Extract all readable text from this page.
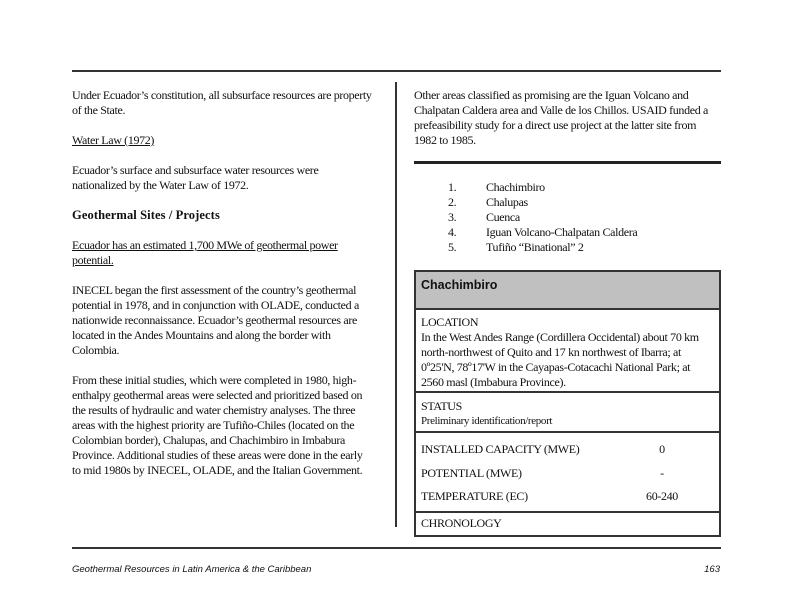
Under Ecuador’s constitution, all subsurface resources are property of the State.

Water Law (1972)

Ecuador’s surface and subsurface water resources were nationalized by the Water Law of 1972.

Geothermal Sites / Projects

Ecuador has an estimated 1,700 MWe of geothermal power potential.

INECEL began the first assessment of the country’s geothermal potential in 1978, and in conjunction with OLADE, conducted a nationwide reconnaissance. Ecuador’s geothermal resources are located in the Andes Mountains and along the border with Colombia.

From these initial studies, which were completed in 1980, high-enthalpy geothermal areas were selected and prioritized based on the results of hydraulic and water chemistry analyses. The three areas with the highest priority are Tufiño-Chiles (located on the Colombian border), Chalupas, and Chachimbiro in Imbabura Province. Additional studies of these areas were done in the early to mid 1980s by INECEL, OLADE, and the Italian Government.

Other areas classified as promising are the Iguan Volcano and Chalpatan Caldera area and Valle de los Chillos. USAID funded a prefeasibility study for a direct use project at the latter site from 1982 to 1985.

1.	Chachimbiro
2.	Chalupas
3.	Cuenca
4.	Iguan Volcano-Chalpatan Caldera
5.	Tufiño “Binational” 2
Chachimbiro
LOCATION
In the West Andes Range (Cordillera Occidental) about 70 km north-northwest of Quito and 17 kn northwest of Ibarra; at 0º25'N, 78º17'W in the Cayapas-Cotacachi National Park; at 2560 masl (Imbabura Province).
STATUS
Preliminary identification/report
INSTALLED CAPACITY (MWE)	0
POTENTIAL (MWE)	-
TEMPERATURE (ΕC)	60-240
CHRONOLOGY
Geothermal Resources in Latin America & the Caribbean	163
